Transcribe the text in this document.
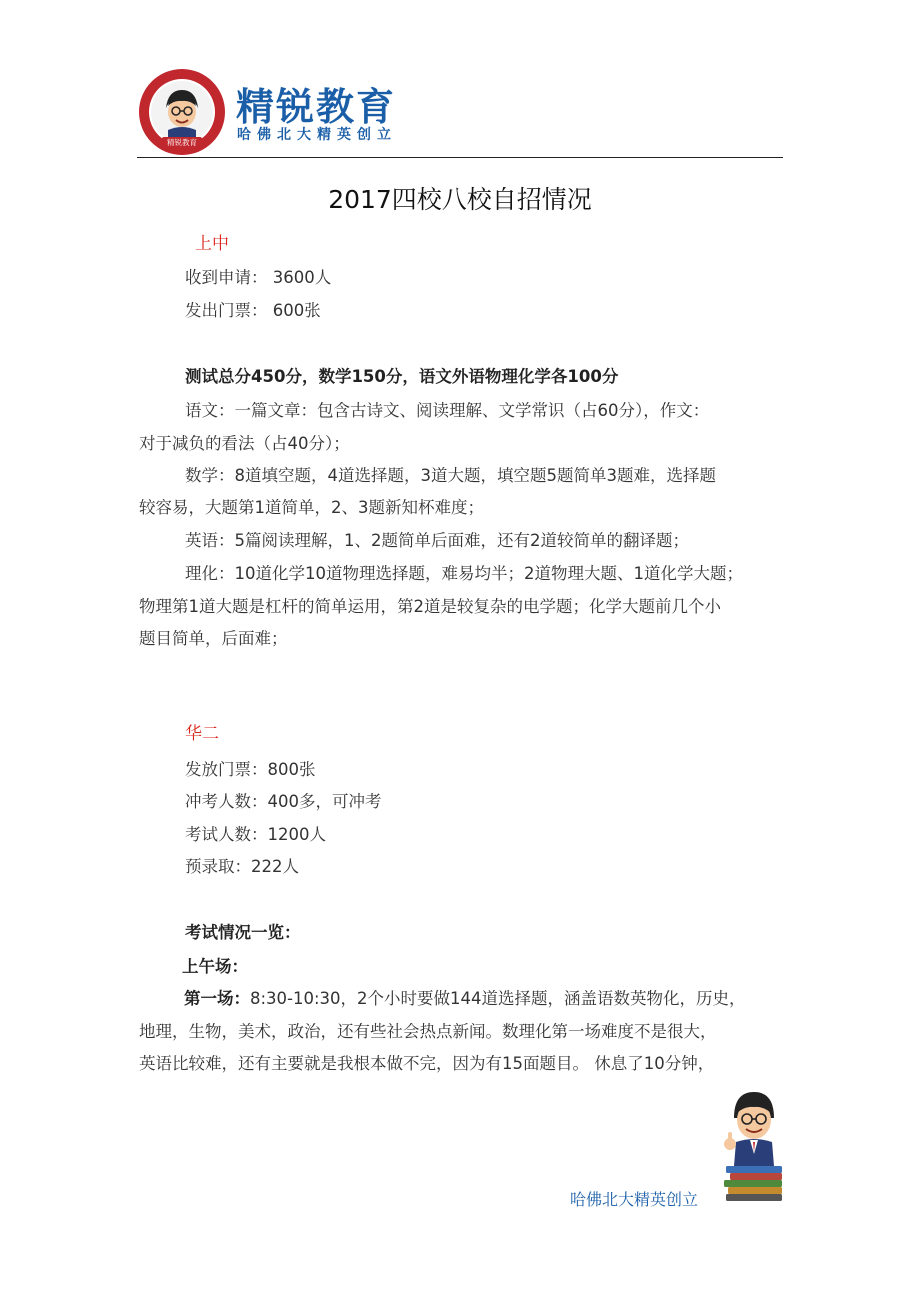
精锐教育
精锐教育
哈佛北大精英创立
2017四校八校自招情况
上中
收到申请： 3600人
发出门票： 600张
测试总分450分，数学150分，语文外语物理化学各100分
语文：一篇文章：包含古诗文、阅读理解、文学常识（占60分），作文：
对于减负的看法（占40分）；
数学：8道填空题，4道选择题，3道大题，填空题5题简单3题难，选择题
较容易，大题第1道简单，2、3题新知杯难度；
英语：5篇阅读理解，1、2题简单后面难，还有2道较简单的翻译题；
理化：10道化学10道物理选择题，难易均半；2道物理大题、1道化学大题；
物理第1道大题是杠杆的简单运用，第2道是较复杂的电学题；化学大题前几个小
题目简单，后面难；
华二
发放门票：800张
冲考人数：400多，可冲考
考试人数：1200人
预录取：222人
考试情况一览：
上午场：
第一场：8:30-10:30，2个小时要做144道选择题，涵盖语数英物化，历史，
地理，生物，美术，政治，还有些社会热点新闻。数理化第一场难度不是很大，
英语比较难，还有主要就是我根本做不完，因为有15面题目。 休息了10分钟，
哈佛北大精英创立
